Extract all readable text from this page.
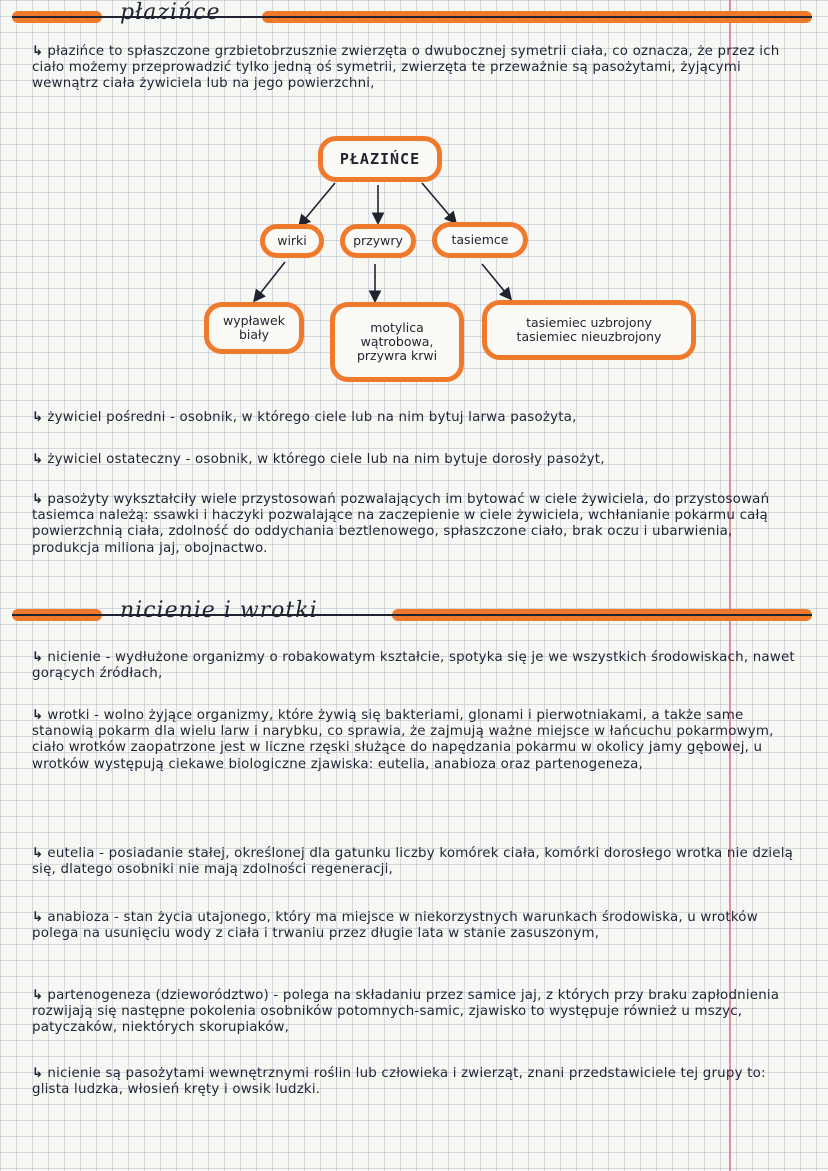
płazińce
↳ płazińce to spłaszczone grzbietobrzusznie zwierzęta o dwubocznej symetrii ciała, co oznacza, że przez ich ciało możemy przeprowadzić tylko jedną oś symetrii, zwierzęta te przeważnie są pasożytami, żyjącymi wewnątrz ciała żywiciela lub na jego powierzchni,
PŁAZIŃCE
wirki	przywry	tasiemce
wypławek
biały	motylica
wątrobowa,
przywra krwi
tasiemiec uzbrojony
tasiemiec nieuzbrojony
↳ żywiciel pośredni - osobnik, w którego ciele lub na nim bytuj larwa pasożyta,
↳ żywiciel ostateczny - osobnik, w którego ciele lub na nim bytuje dorosły pasożyt,
↳ pasożyty wykształciły wiele przystosowań pozwalających im bytować w ciele żywiciela, do przystosowań tasiemca należą: ssawki i haczyki pozwalające na zaczepienie w ciele żywiciela, wchłanianie pokarmu całą powierzchnią ciała, zdolność do oddychania beztlenowego, spłaszczone ciało, brak oczu i ubarwienia, produkcja miliona jaj, obojnactwo.
nicienie i wrotki
↳ nicienie - wydłużone organizmy o robakowatym kształcie, spotyka się je we wszystkich środowiskach, nawet gorących źródłach,
↳ wrotki - wolno żyjące organizmy, które żywią się bakteriami, glonami i pierwotniakami, a także same stanowią pokarm dla wielu larw i narybku, co sprawia, że zajmują ważne miejsce w łańcuchu pokarmowym, ciało wrotków zaopatrzone jest w liczne rzęski służące do napędzania pokarmu w okolicy jamy gębowej, u wrotków występują ciekawe biologiczne zjawiska: eutelia, anabioza oraz partenogeneza,
↳ eutelia - posiadanie stałej, określonej dla gatunku liczby komórek ciała, komórki dorosłego wrotka nie dzielą się, dlatego osobniki nie mają zdolności regeneracji,
↳ anabioza - stan życia utajonego, który ma miejsce w niekorzystnych warunkach środowiska, u wrotków polega na usunięciu wody z ciała i trwaniu przez długie lata w stanie zasuszonym,
↳ partenogeneza (dzieworództwo) - polega na składaniu przez samice jaj, z których przy braku zapłodnienia rozwijają się następne pokolenia osobników potomnych-samic, zjawisko to występuje również u mszyc, patyczaków, niektórych skorupiaków,
↳ nicienie są pasożytami wewnętrznymi roślin lub człowieka i zwierząt, znani przedstawiciele tej grupy to: glista ludzka, włosień kręty i owsik ludzki.
